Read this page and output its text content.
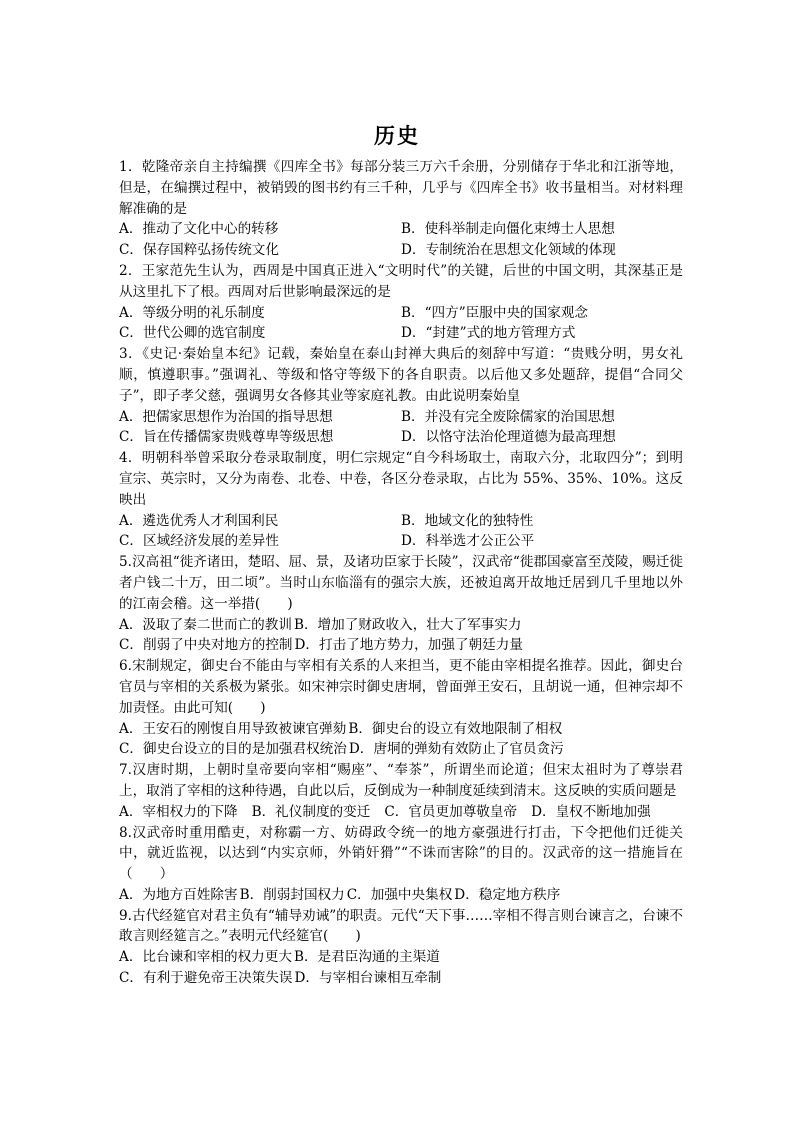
历史

1．乾隆帝亲自主持编撰《四库全书》每部分装三万六千余册，分别储存于华北和江浙等地，但是，在编撰过程中，被销毁的图书约有三千种，几乎与《四库全书》收书量相当。对材料理解准确的是

A．推动了文化中心的转移	B．使科举制走向僵化束缚士人思想
C．保存国粹弘扬传统文化	D．专制统治在思想文化领域的体现

2．王家范先生认为，西周是中国真正进入“文明时代”的关键，后世的中国文明，其深基正是从这里扎下了根。西周对后世影响最深远的是

A．等级分明的礼乐制度	B．“四方”臣服中央的国家观念
C．世代公卿的选官制度	D．“封建”式的地方管理方式

3．《史记·秦始皇本纪》记载，秦始皇在泰山封禅大典后的刻辞中写道：“贵贱分明，男女礼顺，慎遵职事。”强调礼、等级和恪守等级下的各自职责。以后他又多处题辞，提倡“合同父子”，即子孝父慈，强调男女各修其业等家庭礼教。由此说明秦始皇

A．把儒家思想作为治国的指导思想	B．并没有完全废除儒家的治国思想
C．旨在传播儒家贵贱尊卑等级思想	D．以恪守法治伦理道德为最高理想

4．明朝科举曾采取分卷录取制度，明仁宗规定“自今科场取士，南取六分，北取四分”；到明宣宗、英宗时，又分为南卷、北卷、中卷，各区分卷录取，占比为 55%、35%、10%。这反映出

A．遴选优秀人才利国利民	B．地域文化的独特性
C．区域经济发展的差异性	D．科举选才公正公平

5.汉高祖“徙齐诸田，楚昭、屈、景，及诸功臣家于长陵”，汉武帝“徙郡国豪富至茂陵，赐迁徙者户钱二十万，田二顷”。当时山东临淄有的强宗大族，还被迫离开故地迁居到几千里地以外的江南会稽。这一举措(　　)

A．汲取了秦二世而亡的教训 B．增加了财政收入，壮大了军事实力
C．削弱了中央对地方的控制 D．打击了地方势力，加强了朝廷力量

6.宋制规定，御史台不能由与宰相有关系的人来担当，更不能由宰相提名推荐。因此，御史台官员与宰相的关系极为紧张。如宋神宗时御史唐垌，曾面弹王安石，且胡说一通，但神宗却不加责怪。由此可知(　　)

A．王安石的刚愎自用导致被谏官弹劾 B．御史台的设立有效地限制了相权
C．御史台设立的目的是加强君权统治 D．唐垌的弹劾有效防止了官员贪污

7.汉唐时期，上朝时皇帝要向宰相“赐座”、“奉茶”，所谓坐而论道；但宋太祖时为了尊崇君上，取消了宰相的这种待遇，自此以后，反倒成为一种制度延续到清末。这反映的实质问题是

A．宰相权力的下降 B．礼仪制度的变迁 C．官员更加尊敬皇帝 D．皇权不断地加强

8.汉武帝时重用酷吏，对称霸一方、妨碍政令统一的地方豪强进行打击，下令把他们迁徙关中，就近监视，以达到“内实京师，外销奸猾”“不诛而害除”的目的。汉武帝的这一措施旨在（　　）

A．为地方百姓除害 B．削弱封国权力 C．加强中央集权 D．稳定地方秩序

9.古代经筵官对君主负有“辅导劝诫”的职责。元代“天下事……宰相不得言则台谏言之，台谏不敢言则经筵言之。”表明元代经筵官(　　)

A．比台谏和宰相的权力更大 B．是君臣沟通的主渠道
C．有利于避免帝王决策失误 D．与宰相台谏相互牵制
